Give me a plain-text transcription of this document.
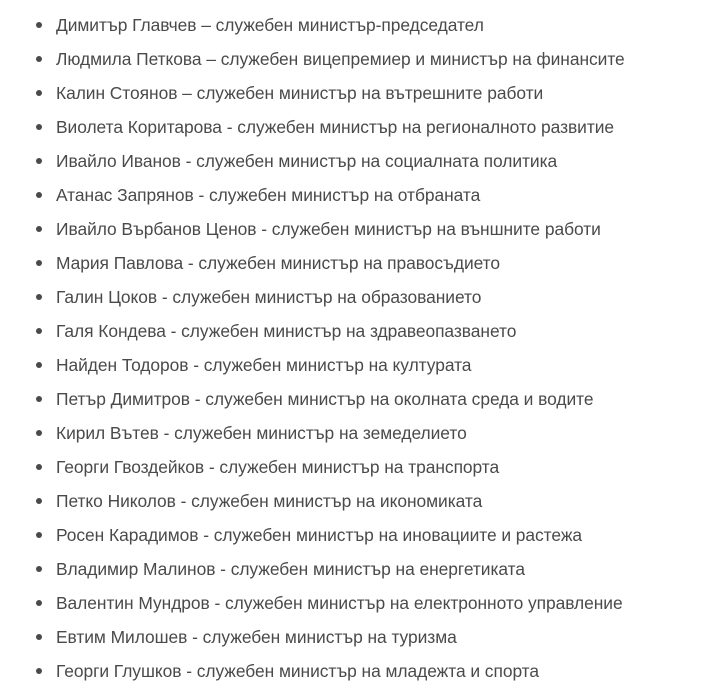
Димитър Главчев – служебен министър-председател
Людмила Петкова – служебен вицепремиер и министър на финансите
Калин Стоянов – служебен министър на вътрешните работи
Виолета Коритарова - служебен министър на регионалното развитие
Ивайло Иванов - служебен министър на социалната политика
Атанас Запрянов - служебен министър на отбраната
Ивайло Върбанов Ценов - служебен министър на външните работи
Мария Павлова - служебен министър на правосъдието
Галин Цоков - служебен министър на образованието
Галя Кондева - служебен министър на здравеопазването
Найден Тодоров - служебен министър на културата
Петър Димитров - служебен министър на околната среда и водите
Кирил Вътев - служебен министър на земеделието
Георги Гвоздейков - служебен министър на транспорта
Петко Николов - служебен министър на икономиката
Росен Карадимов - служебен министър на иновациите и растежа
Владимир Малинов - служебен министър на енергетиката
Валентин Мундров - служебен министър на електронното управление
Евтим Милошев - служебен министър на туризма
Георги Глушков - служебен министър на младежта и спорта
